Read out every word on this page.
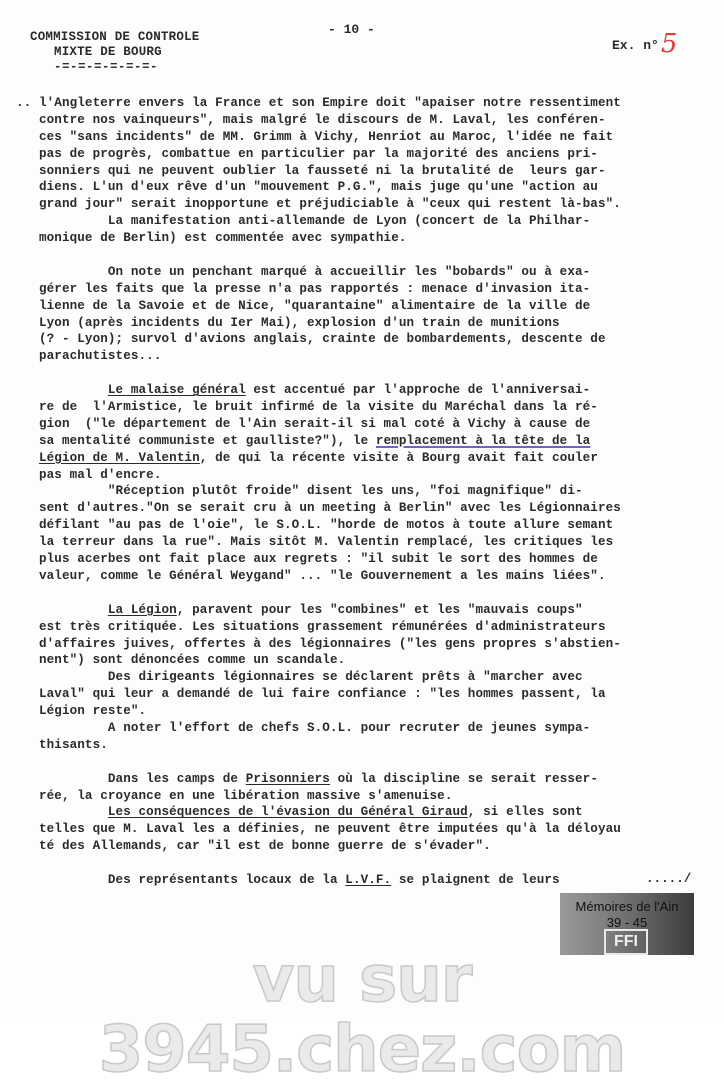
COMMISSION DE CONTROLE
MIXTE DE BOURG
-=-=-=-=-=-=-
- 10 -
Ex. n°5
.. l'Angleterre envers la France et son Empire doit "apaiser notre ressentiment
contre nos vainqueurs", mais malgré le discours de M. Laval, les conféren-
ces "sans incidents" de MM. Grimm à Vichy, Henriot au Maroc, l'idée ne fait
pas de progrès, combattue en particulier par la majorité des anciens pri-
sonniers qui ne peuvent oublier la fausseté ni la brutalité de  leurs gar-
diens. L'un d'eux rêve d'un "mouvement P.G.", mais juge qu'une "action au
grand jour" serait inopportune et préjudiciable à "ceux qui restent là-bas".
La manifestation anti-allemande de Lyon (concert de la Philhar-
monique de Berlin) est commentée avec sympathie.

On note un penchant marqué à accueillir les "bobards" ou à exa-
gérer les faits que la presse n'a pas rapportés : menace d'invasion ita-
lienne de la Savoie et de Nice, "quarantaine" alimentaire de la ville de
Lyon (après incidents du Ier Mai), explosion d'un train de munitions
(? - Lyon); survol d'avions anglais, crainte de bombardements, descente de
parachutistes...

Le malaise général est accentué par l'approche de l'anniversai-
re de  l'Armistice, le bruit infirmé de la visite du Maréchal dans la ré-
gion  ("le département de l'Ain serait-il si mal coté à Vichy à cause de
sa mentalité communiste et gaulliste?"), le remplacement à la tête de la
Légion de M. Valentin, de qui la récente visite à Bourg avait fait couler
pas mal d'encre.
"Réception plutôt froide" disent les uns, "foi magnifique" di-
sent d'autres."On se serait cru à un meeting à Berlin" avec les Légionnaires
défilant "au pas de l'oie", le S.O.L. "horde de motos à toute allure semant
la terreur dans la rue". Mais sitôt M. Valentin remplacé, les critiques les
plus acerbes ont fait place aux regrets : "il subit le sort des hommes de
valeur, comme le Général Weygand" ... "le Gouvernement a les mains liées".

La Légion, paravent pour les "combines" et les "mauvais coups"
est très critiquée. Les situations grassement rémunérées d'administrateurs
d'affaires juives, offertes à des légionnaires ("les gens propres s'abstien-
nent") sont dénoncées comme un scandale.
Des dirigeants légionnaires se déclarent prêts à "marcher avec
Laval" qui leur a demandé de lui faire confiance : "les hommes passent, la
Légion reste".
A noter l'effort de chefs S.O.L. pour recruter de jeunes sympa-
thisants.

Dans les camps de Prisonniers où la discipline se serait resser-
rée, la croyance en une libération massive s'amenuise.
Les conséquences de l'évasion du Général Giraud, si elles sont
telles que M. Laval les a définies, ne peuvent être imputées qu'à la déloyau
té des Allemands, car "il est de bonne guerre de s'évader".

Des représentants locaux de la L.V.F. se plaignent de leurs	...../
Mémoires de l'Ain
39 - 45
FFI
vu sur 3945.chez.com
